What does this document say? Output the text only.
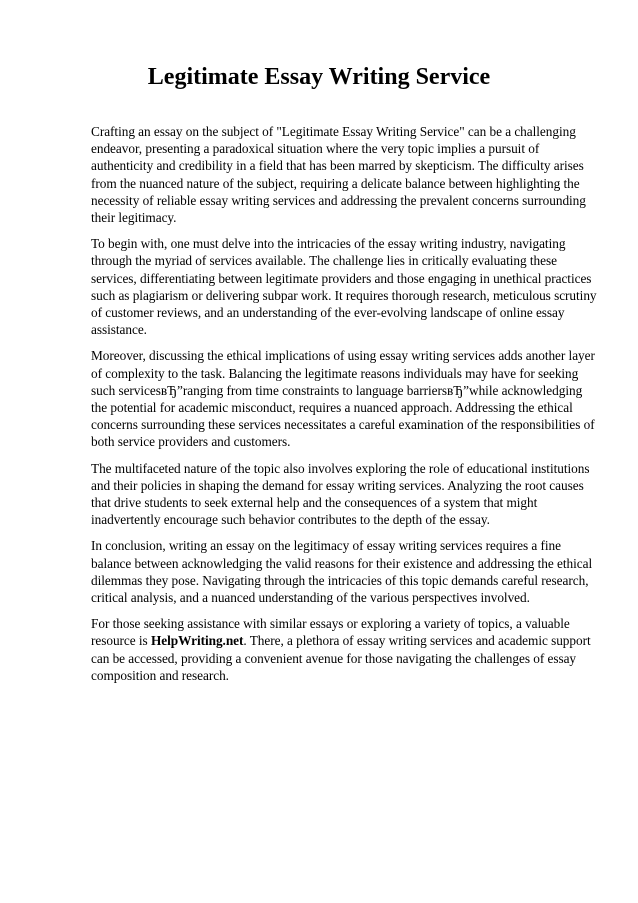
Legitimate Essay Writing Service

Crafting an essay on the subject of "Legitimate Essay Writing Service" can be a challenging endeavor, presenting a paradoxical situation where the very topic implies a pursuit of authenticity and credibility in a field that has been marred by skepticism. The difficulty arises from the nuanced nature of the subject, requiring a delicate balance between highlighting the necessity of reliable essay writing services and addressing the prevalent concerns surrounding their legitimacy.

To begin with, one must delve into the intricacies of the essay writing industry, navigating through the myriad of services available. The challenge lies in critically evaluating these services, differentiating between legitimate providers and those engaging in unethical practices such as plagiarism or delivering subpar work. It requires thorough research, meticulous scrutiny of customer reviews, and an understanding of the ever-evolving landscape of online essay assistance.

Moreover, discussing the ethical implications of using essay writing services adds another layer of complexity to the task. Balancing the legitimate reasons individuals may have for seeking such servicesвЂ”ranging from time constraints to language barriersвЂ”while acknowledging the potential for academic misconduct, requires a nuanced approach. Addressing the ethical concerns surrounding these services necessitates a careful examination of the responsibilities of both service providers and customers.

The multifaceted nature of the topic also involves exploring the role of educational institutions and their policies in shaping the demand for essay writing services. Analyzing the root causes that drive students to seek external help and the consequences of a system that might inadvertently encourage such behavior contributes to the depth of the essay.

In conclusion, writing an essay on the legitimacy of essay writing services requires a fine balance between acknowledging the valid reasons for their existence and addressing the ethical dilemmas they pose. Navigating through the intricacies of this topic demands careful research, critical analysis, and a nuanced understanding of the various perspectives involved.

For those seeking assistance with similar essays or exploring a variety of topics, a valuable resource is HelpWriting.net. There, a plethora of essay writing services and academic support can be accessed, providing a convenient avenue for those navigating the challenges of essay composition and research.
